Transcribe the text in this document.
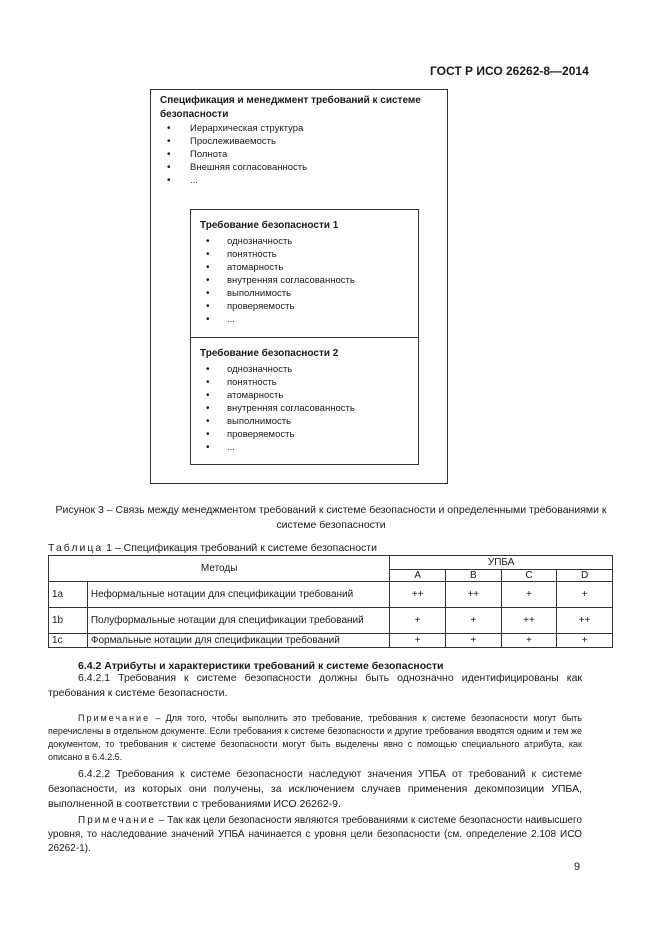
ГОСТ Р ИСО 26262-8—2014
Спецификация и менеджмент требований к системе безопасности
• Иерархическая структура
• Прослеживаемость
• Полнота
• Внешняя согласованность
• ...
Требование безопасности 1
• однозначность
• понятность
• атомарность
• внутренняя согласованность
• выполнимость
• проверяемость
• ...
Требование безопасности 2
• однозначность
• понятность
• атомарность
• внутренняя согласованность
• выполнимость
• проверяемость
• ...
Рисунок 3 – Связь между менеджментом требований к системе безопасности и определенными требованиями к системе безопасности
Таблица 1 – Спецификация требований к системе безопасности
Методы		УПБА			
		A	B	C	D
1a	Неформальные нотации для спецификации требований	++	++	+	+
1b	Полуформальные нотации для спецификации требований	+	+	++	++
1c	Формальные нотации для спецификации требований	+	+	+	+
6.4.2 Атрибуты и характеристики требований к системе безопасности
6.4.2.1 Требования к системе безопасности должны быть однозначно идентифицированы как требования к системе безопасности.
Примечание – Для того, чтобы выполнить это требование, требования к системе безопасности могут быть перечислены в отдельном документе. Если требования к системе безопасности и другие требования вводятся одним и тем же документом, то требования к системе безопасности могут быть выделены явно с помощью специального атрибута, как описано в 6.4.2.5.
6.4.2.2 Требования к системе безопасности наследуют значения УПБА от требований к системе безопасности, из которых они получены, за исключением случаев применения декомпозиции УПБА, выполненной в соответствии с требованиями ИСО 26262-9.
Примечание – Так как цели безопасности являются требованиями к системе безопасности наивысшего уровня, то наследование значений УПБА начинается с уровня цели безопасности (см. определение 2.108 ИСО 26262-1).
9
